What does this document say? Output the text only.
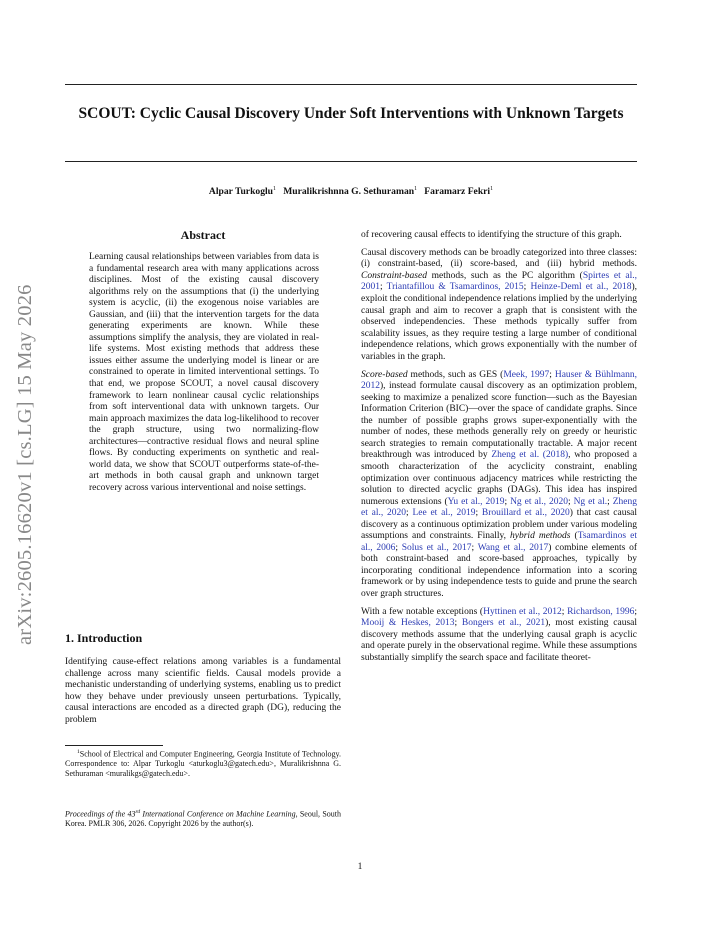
arXiv:2605.16620v1 [cs.LG] 15 May 2026
SCOUT: Cyclic Causal Discovery Under Soft Interventions with Unknown Targets
Alpar Turkoglu$^1$ Muralikrishnna G. Sethuraman$^1$ Faramarz Fekri$^1$
Abstract

Learning causal relationships between variables from data is a fundamental research area with many applications across disciplines. Most of the existing causal discovery algorithms rely on the assumptions that (i) the underlying system is acyclic, (ii) the exogenous noise variables are Gaussian, and (iii) that the intervention targets for the data generating experiments are known. While these assumptions simplify the analysis, they are violated in real-life systems. Most existing methods that address these issues either assume the underlying model is linear or are constrained to operate in limited interventional settings. To that end, we propose SCOUT, a novel causal discovery framework to learn nonlinear causal cyclic relationships from soft interventional data with unknown targets. Our main approach maximizes the data log-likelihood to recover the graph structure, using two normalizing-flow architectures—contractive residual flows and neural spline flows. By conducting experiments on synthetic and real-world data, we show that SCOUT outperforms state-of-the-art methods in both causal graph and unknown target recovery across various interventional and noise settings.

1. Introduction

Identifying cause-effect relations among variables is a fundamental challenge across many scientific fields. Causal models provide a mechanistic understanding of underlying systems, enabling us to predict how they behave under previously unseen perturbations. Typically, causal interactions are encoded as a directed graph (DG), reducing the problem

$^1$School of Electrical and Computer Engineering, Georgia Institute of Technology. Correspondence to: Alpar Turkoglu <aturkoglu3@gatech.edu>, Muralikrishnna G. Sethuraman <muralikgs@gatech.edu>.

Proceedings of the 43rd International Conference on Machine Learning, Seoul, South Korea. PMLR 306, 2026. Copyright 2026 by the author(s).

of recovering causal effects to identifying the structure of this graph.

Causal discovery methods can be broadly categorized into three classes: (i) constraint-based, (ii) score-based, and (iii) hybrid methods. Constraint-based methods, such as the PC algorithm (Spirtes et al., 2001; Triantafillou & Tsamardinos, 2015; Heinze-Deml et al., 2018), exploit the conditional independence relations implied by the underlying causal graph and aim to recover a graph that is consistent with the observed independencies. These methods typically suffer from scalability issues, as they require testing a large number of conditional independence relations, which grows exponentially with the number of variables in the graph.

Score-based methods, such as GES (Meek, 1997; Hauser & Bühlmann, 2012), instead formulate causal discovery as an optimization problem, seeking to maximize a penalized score function—such as the Bayesian Information Criterion (BIC)—over the space of candidate graphs. Since the number of possible graphs grows super-exponentially with the number of nodes, these methods generally rely on greedy or heuristic search strategies to remain computationally tractable. A major recent breakthrough was introduced by Zheng et al. (2018), who proposed a smooth characterization of the acyclicity constraint, enabling optimization over continuous adjacency matrices while restricting the solution to directed acyclic graphs (DAGs). This idea has inspired numerous extensions (Yu et al., 2019; Ng et al., 2020; Ng et al.; Zheng et al., 2020; Lee et al., 2019; Brouillard et al., 2020) that cast causal discovery as a continuous optimization problem under various modeling assumptions and constraints. Finally, hybrid methods (Tsamardinos et al., 2006; Solus et al., 2017; Wang et al., 2017) combine elements of both constraint-based and score-based approaches, typically by incorporating conditional independence information into a scoring framework or by using independence tests to guide and prune the search over graph structures.

With a few notable exceptions (Hyttinen et al., 2012; Richardson, 1996; Mooij & Heskes, 2013; Bongers et al., 2021), most existing causal discovery methods assume that the underlying causal graph is acyclic and operate purely in the observational regime. While these assumptions substantially simplify the search space and facilitate theoret-

1
